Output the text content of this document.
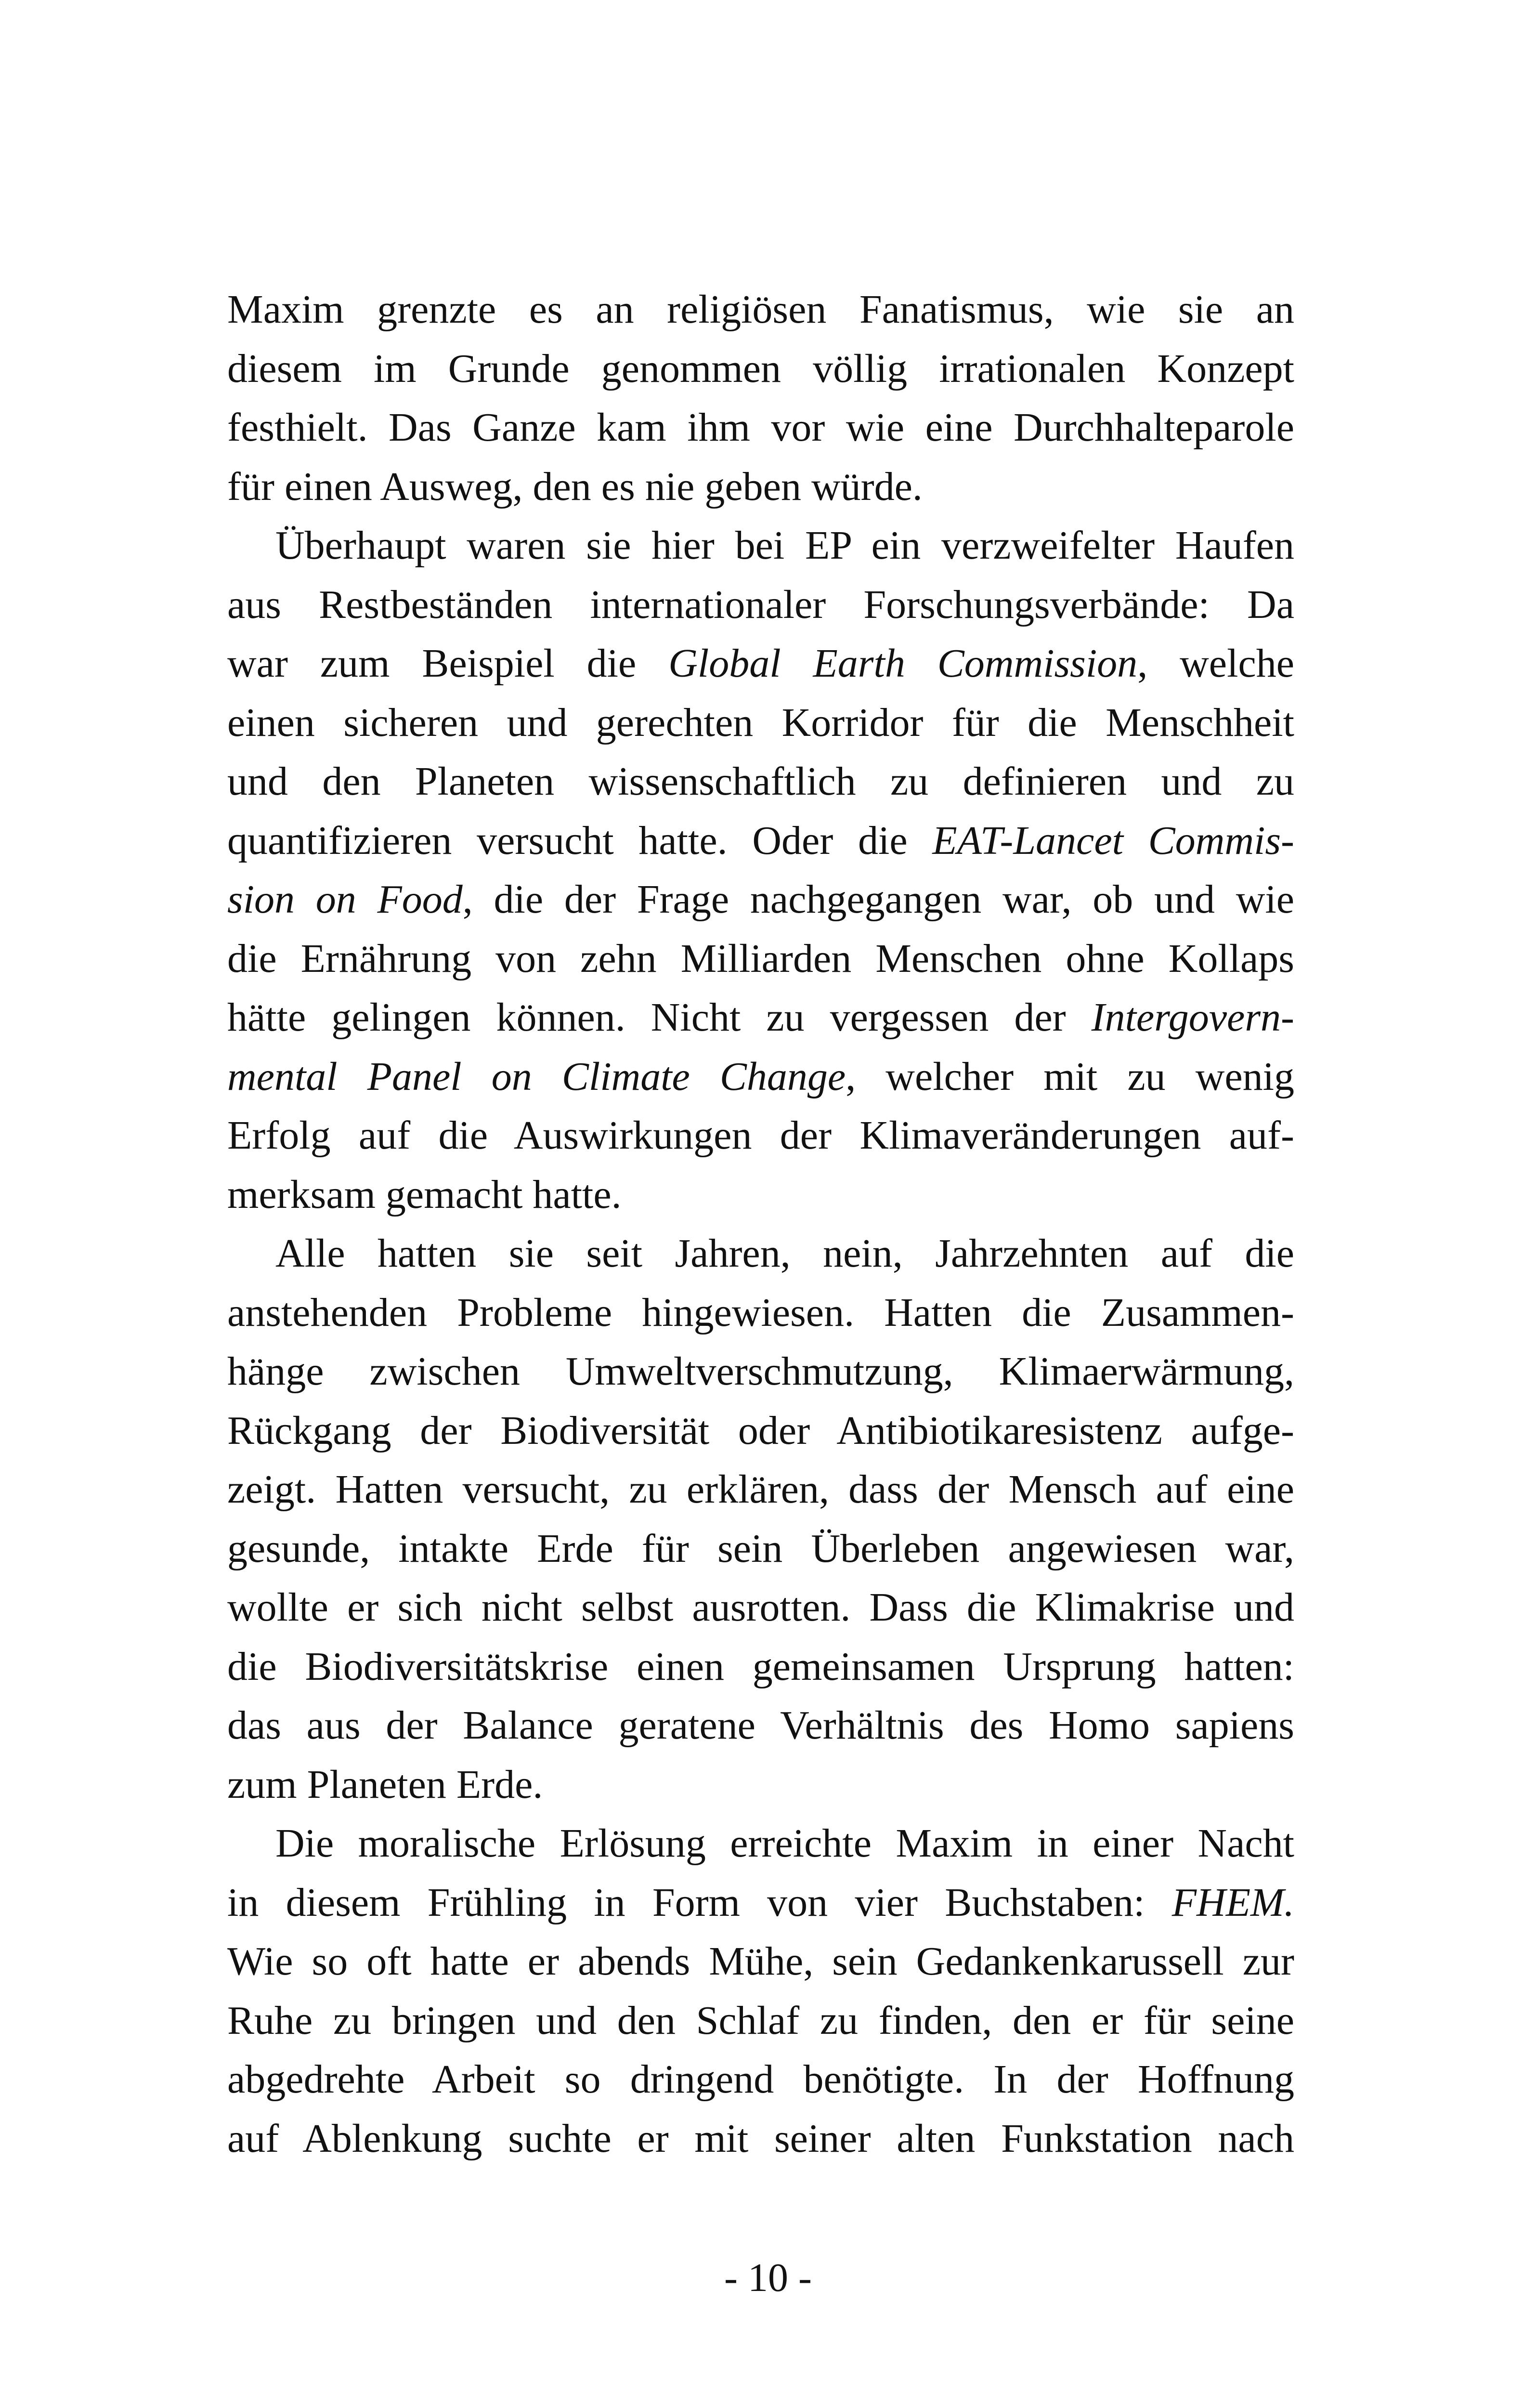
Maxim grenzte es an religiösen Fanatismus, wie sie an
diesem im Grunde genommen völlig irrationalen Konzept
festhielt. Das Ganze kam ihm vor wie eine Durchhalteparole
für einen Ausweg, den es nie geben würde.
Überhaupt waren sie hier bei EP ein verzweifelter Haufen
aus Restbeständen internationaler Forschungsverbände: Da
war zum Beispiel die Global Earth Commission, welche
einen sicheren und gerechten Korridor für die Menschheit
und den Planeten wissenschaftlich zu definieren und zu
quantifizieren versucht hatte. Oder die EAT-Lancet Commis-
sion on Food, die der Frage nachgegangen war, ob und wie
die Ernährung von zehn Milliarden Menschen ohne Kollaps
hätte gelingen können. Nicht zu vergessen der Intergovern-
mental Panel on Climate Change, welcher mit zu wenig
Erfolg auf die Auswirkungen der Klimaveränderungen auf-
merksam gemacht hatte.
Alle hatten sie seit Jahren, nein, Jahrzehnten auf die
anstehenden Probleme hingewiesen. Hatten die Zusammen-
hänge zwischen Umweltverschmutzung, Klimaerwärmung,
Rückgang der Biodiversität oder Antibiotikaresistenz aufge-
zeigt. Hatten versucht, zu erklären, dass der Mensch auf eine
gesunde, intakte Erde für sein Überleben angewiesen war,
wollte er sich nicht selbst ausrotten. Dass die Klimakrise und
die Biodiversitätskrise einen gemeinsamen Ursprung hatten:
das aus der Balance geratene Verhältnis des Homo sapiens
zum Planeten Erde.
Die moralische Erlösung erreichte Maxim in einer Nacht
in diesem Frühling in Form von vier Buchstaben: FHEM.
Wie so oft hatte er abends Mühe, sein Gedankenkarussell zur
Ruhe zu bringen und den Schlaf zu finden, den er für seine
abgedrehte Arbeit so dringend benötigte. In der Hoffnung
auf Ablenkung suchte er mit seiner alten Funkstation nach
- 10 -
